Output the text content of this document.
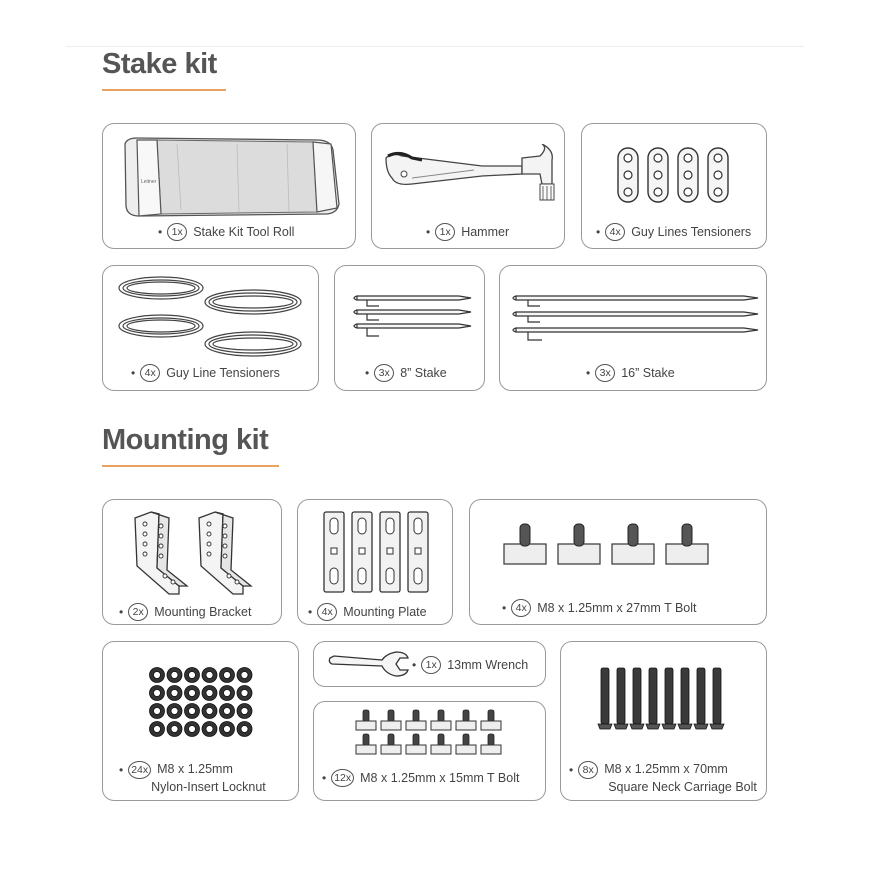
Stake kit
Leitner
• 1x Stake Kit Tool Roll	• 1x Hammer	• 4x Guy Lines Tensioners
• 4x Guy Line Tensioners	• 3x 8” Stake	• 3x 16” Stake
Mounting kit
• 2x Mounting Bracket	• 4x Mounting Plate	• 4x M8 x 1.25mm x 27mm T Bolt
• 24x M8 x 1.25mm
Nylon-Insert Locknut
• 1x 13mm Wrench
• 12x M8 x 1.25mm x 15mm T Bolt
• 8x M8 x 1.25mm x 70mm
Square Neck Carriage Bolt
